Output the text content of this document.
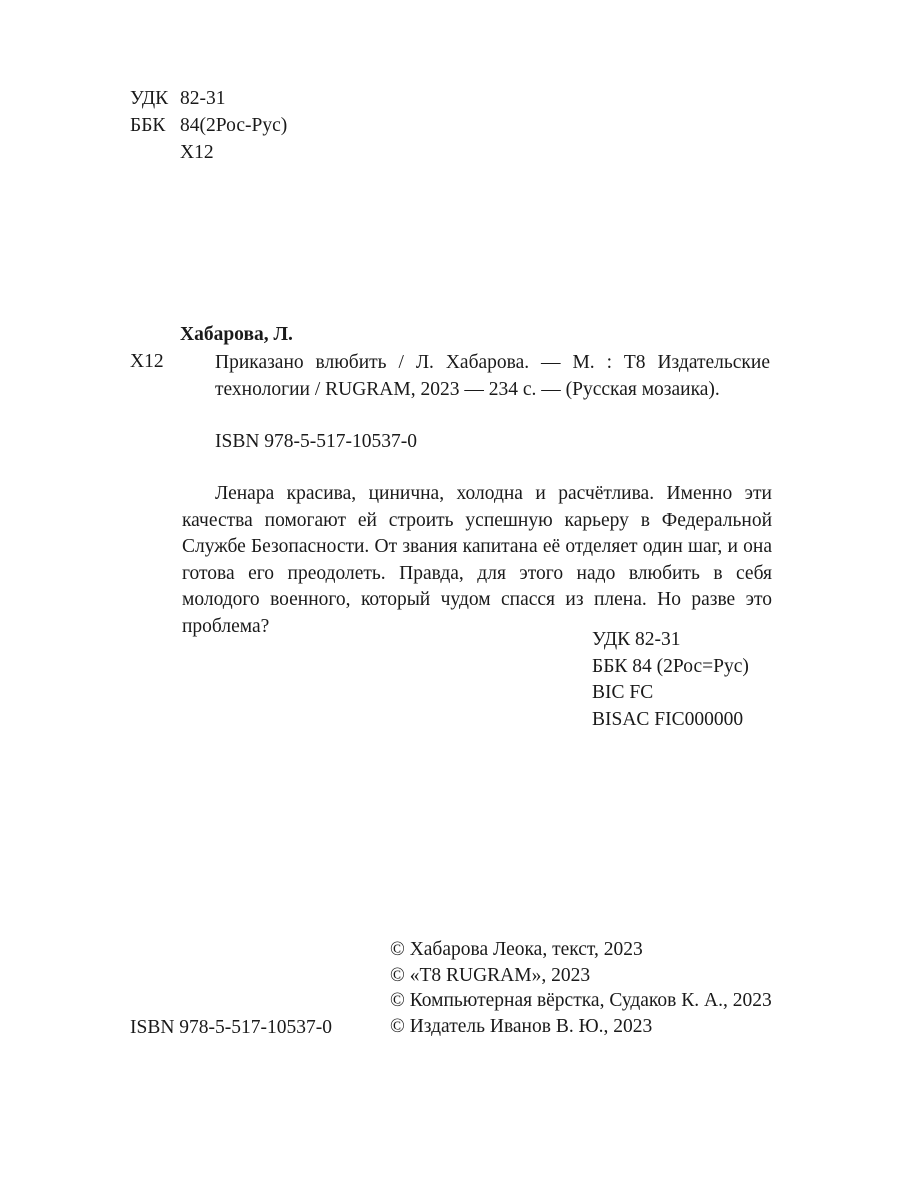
УДК 82-31
ББК 84(2Рос-Рус)
Х12
Хабарова, Л.
Х12	Приказано влюбить / Л. Хабарова. — М. : Т8 Издательские технологии / RUGRAM, 2023 — 234 с. — (Русская мозаика).
ISBN 978-5-517-10537-0
Ленара красива, цинична, холодна и расчётлива. Именно эти качества помогают ей строить успешную карьеру в Федеральной Службе Безопасности. От звания капитана её отделяет один шаг, и она готова его преодолеть. Правда, для этого надо влюбить в себя молодого военного, который чудом спасся из плена. Но разве это проблема?
УДК 82-31
ББК 84 (2Рос=Рус)
BIC FC
BISAC FIC000000
ISBN 978-5-517-10537-0
© Хабарова Леока, текст, 2023
© «Т8 RUGRAM», 2023
© Компьютерная вёрстка, Судаков К. А., 2023
© Издатель Иванов В. Ю., 2023
